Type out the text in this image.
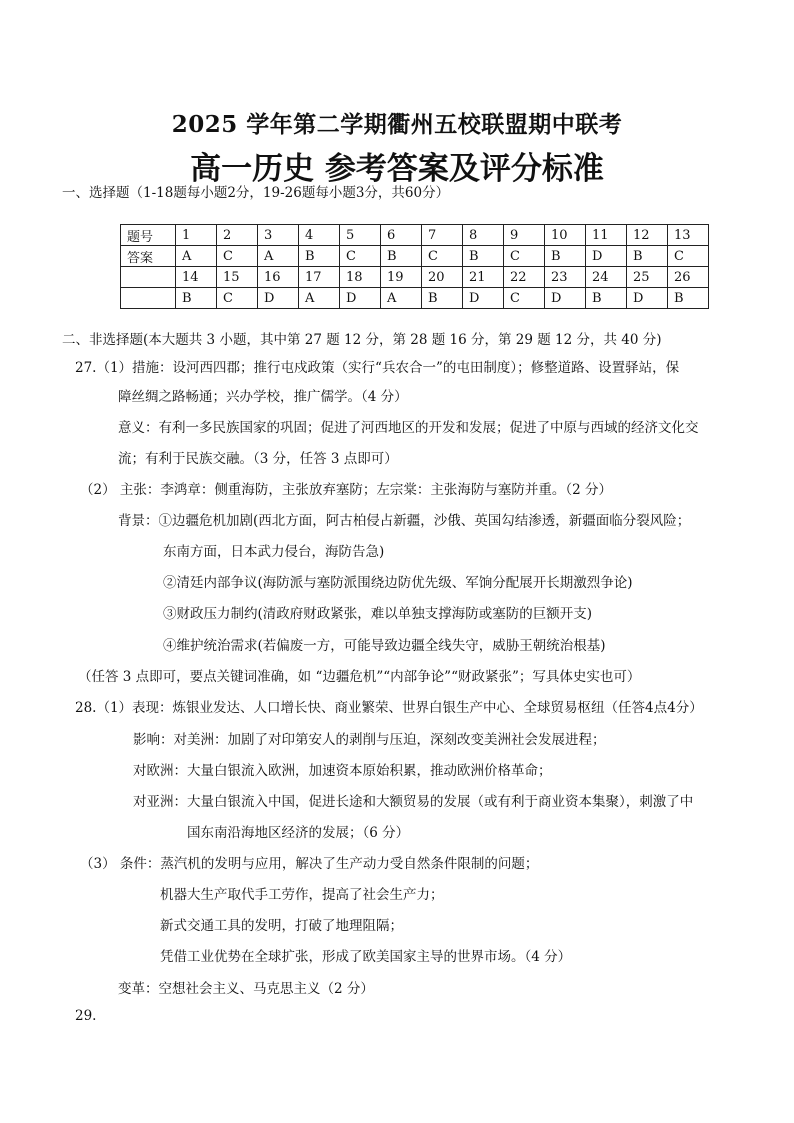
2025 学年第二学期衢州五校联盟期中联考
高一历史 参考答案及评分标准
一、选择题（1-18题每小题2分，19-26题每小题3分，共60分）
题号	1	2	3	4	5	6	7	8	9	10	11	12	13
答案	A	C	A	B	C	B	C	B	C	B	D	B	C
	14	15	16	17	18	19	20	21	22	23	24	25	26
	B	C	D	A	D	A	B	D	C	D	B	D	B
二、非选择题(本大题共 3 小题，其中第 27 题 12 分，第 28 题 16 分，第 29 题 12 分，共 40 分)
27.（1）措施：设河西四郡；推行屯戍政策（实行“兵农合一”的屯田制度）；修整道路、设置驿站，保
障丝绸之路畅通；兴办学校，推广儒学。（4 分）
意义：有利一多民族国家的巩固；促进了河西地区的开发和发展；促进了中原与西域的经济文化交
流；有利于民族交融。（3 分，任答 3 点即可）
（2） 主张：李鸿章：侧重海防，主张放弃塞防；左宗棠：主张海防与塞防并重。（2 分）
背景：①边疆危机加剧(西北方面，阿古柏侵占新疆，沙俄、英国勾结渗透，新疆面临分裂风险；
东南方面，日本武力侵台，海防告急)
②清廷内部争议(海防派与塞防派围绕边防优先级、军饷分配展开长期激烈争论)
③财政压力制约(清政府财政紧张，难以单独支撑海防或塞防的巨额开支)
④维护统治需求(若偏废一方，可能导致边疆全线失守，威胁王朝统治根基)
（任答 3 点即可，要点关键词准确，如 “边疆危机”“内部争论”“财政紧张”；写具体史实也可）
28.（1）表现：炼银业发达、人口增长快、商业繁荣、世界白银生产中心、全球贸易枢纽（任答4点4分）
影响：对美洲：加剧了对印第安人的剥削与压迫，深刻改变美洲社会发展进程；
对欧洲：大量白银流入欧洲，加速资本原始积累，推动欧洲价格革命；
对亚洲：大量白银流入中国，促进长途和大额贸易的发展（或有利于商业资本集聚），刺激了中
国东南沿海地区经济的发展；（6 分）
（3） 条件：蒸汽机的发明与应用，解决了生产动力受自然条件限制的问题；
机器大生产取代手工劳作，提高了社会生产力；
新式交通工具的发明，打破了地理阻隔；
凭借工业优势在全球扩张，形成了欧美国家主导的世界市场。（4 分）
变革：空想社会主义、马克思主义（2 分）
29.
